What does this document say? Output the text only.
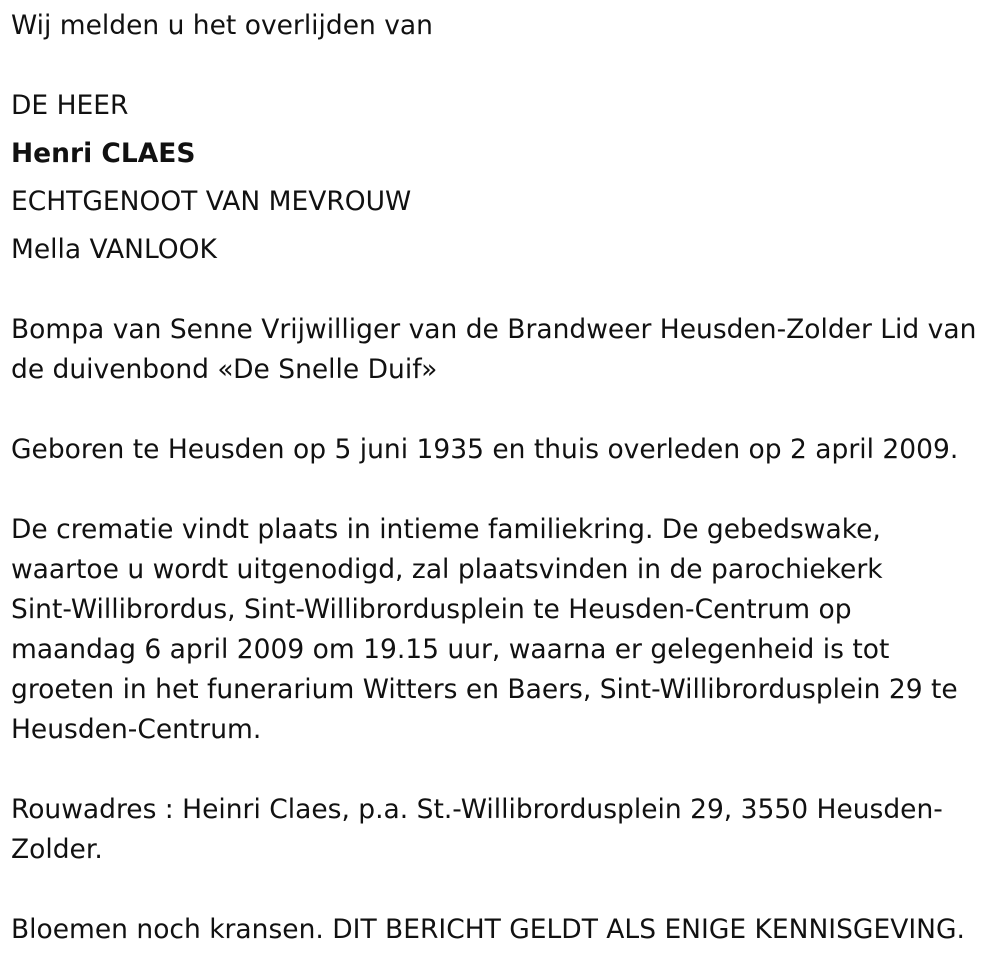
Wij melden u het overlijden van
DE HEER
Henri CLAES
ECHTGENOOT VAN MEVROUW
Mella VANLOOK
Bompa van Senne Vrijwilliger van de Brandweer Heusden-Zolder Lid van
de duivenbond «De Snelle Duif»
Geboren te Heusden op 5 juni 1935 en thuis overleden op 2 april 2009.
De crematie vindt plaats in intieme familiekring. De gebedswake,
waartoe u wordt uitgenodigd, zal plaatsvinden in de parochiekerk
Sint-Willibrordus, Sint-Willibrordusplein te Heusden-Centrum op
maandag 6 april 2009 om 19.15 uur, waarna er gelegenheid is tot
groeten in het funerarium Witters en Baers, Sint-Willibrordusplein 29 te
Heusden-Centrum.
Rouwadres : Heinri Claes, p.a. St.-Willibrordusplein 29, 3550 Heusden-
Zolder.
Bloemen noch kransen. DIT BERICHT GELDT ALS ENIGE KENNISGEVING.
